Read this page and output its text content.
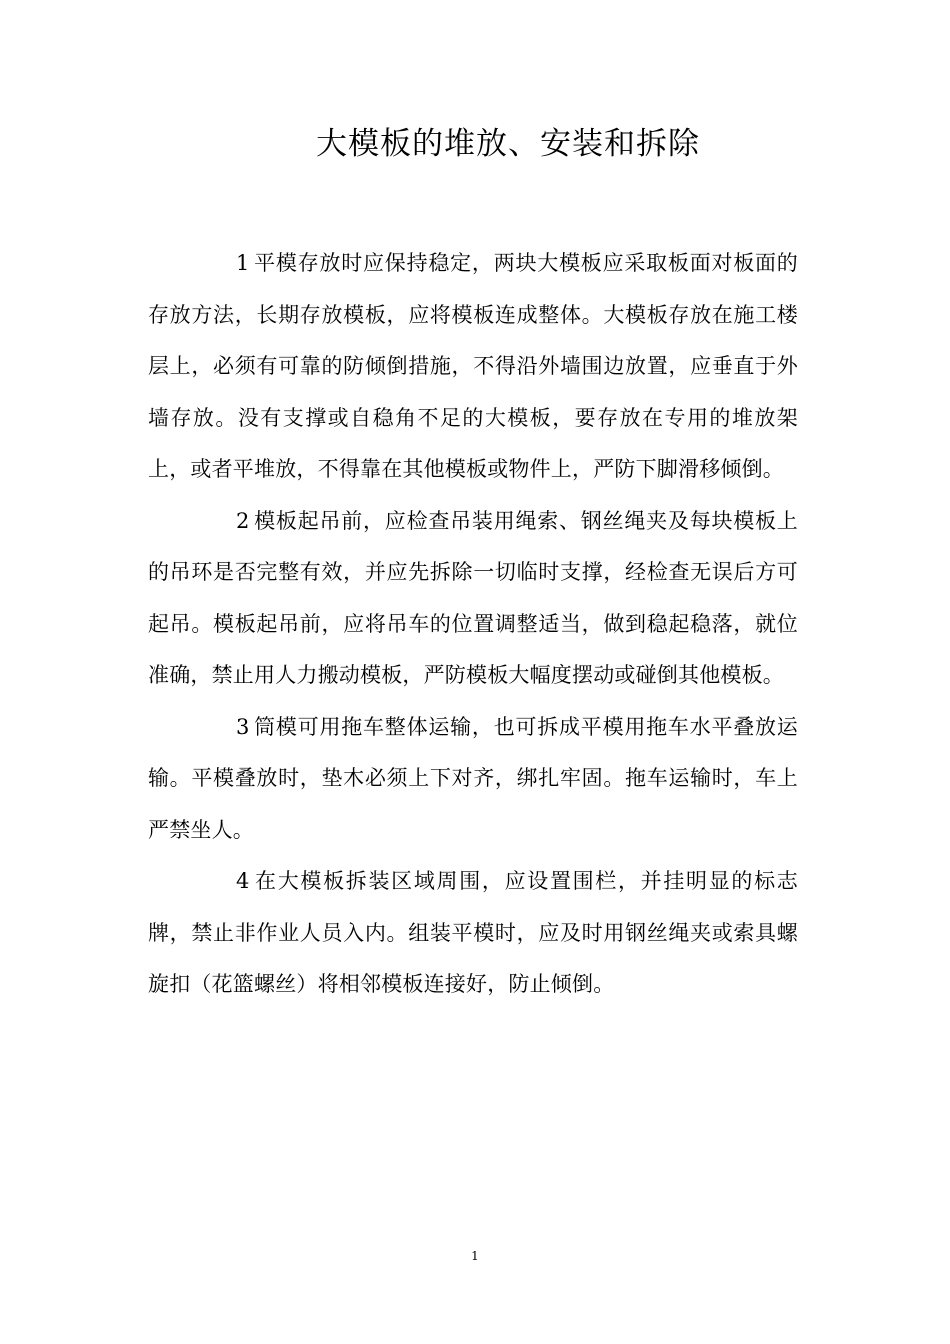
大模板的堆放、安装和拆除

1 平模存放时应保持稳定，两块大模板应采取板面对板面的存放方法，长期存放模板，应将模板连成整体。大模板存放在施工楼层上，必须有可靠的防倾倒措施，不得沿外墙围边放置，应垂直于外墙存放。没有支撑或自稳角不足的大模板，要存放在专用的堆放架上，或者平堆放，不得靠在其他模板或物件上，严防下脚滑移倾倒。

2 模板起吊前，应检查吊装用绳索、钢丝绳夹及每块模板上的吊环是否完整有效，并应先拆除一切临时支撑，经检查无误后方可起吊。模板起吊前，应将吊车的位置调整适当，做到稳起稳落，就位准确，禁止用人力搬动模板，严防模板大幅度摆动或碰倒其他模板。

3 筒模可用拖车整体运输，也可拆成平模用拖车水平叠放运输。平模叠放时，垫木必须上下对齐，绑扎牢固。拖车运输时，车上严禁坐人。

4 在大模板拆装区域周围，应设置围栏，并挂明显的标志牌，禁止非作业人员入内。组装平模时，应及时用钢丝绳夹或索具螺旋扣（花篮螺丝）将相邻模板连接好，防止倾倒。

1
